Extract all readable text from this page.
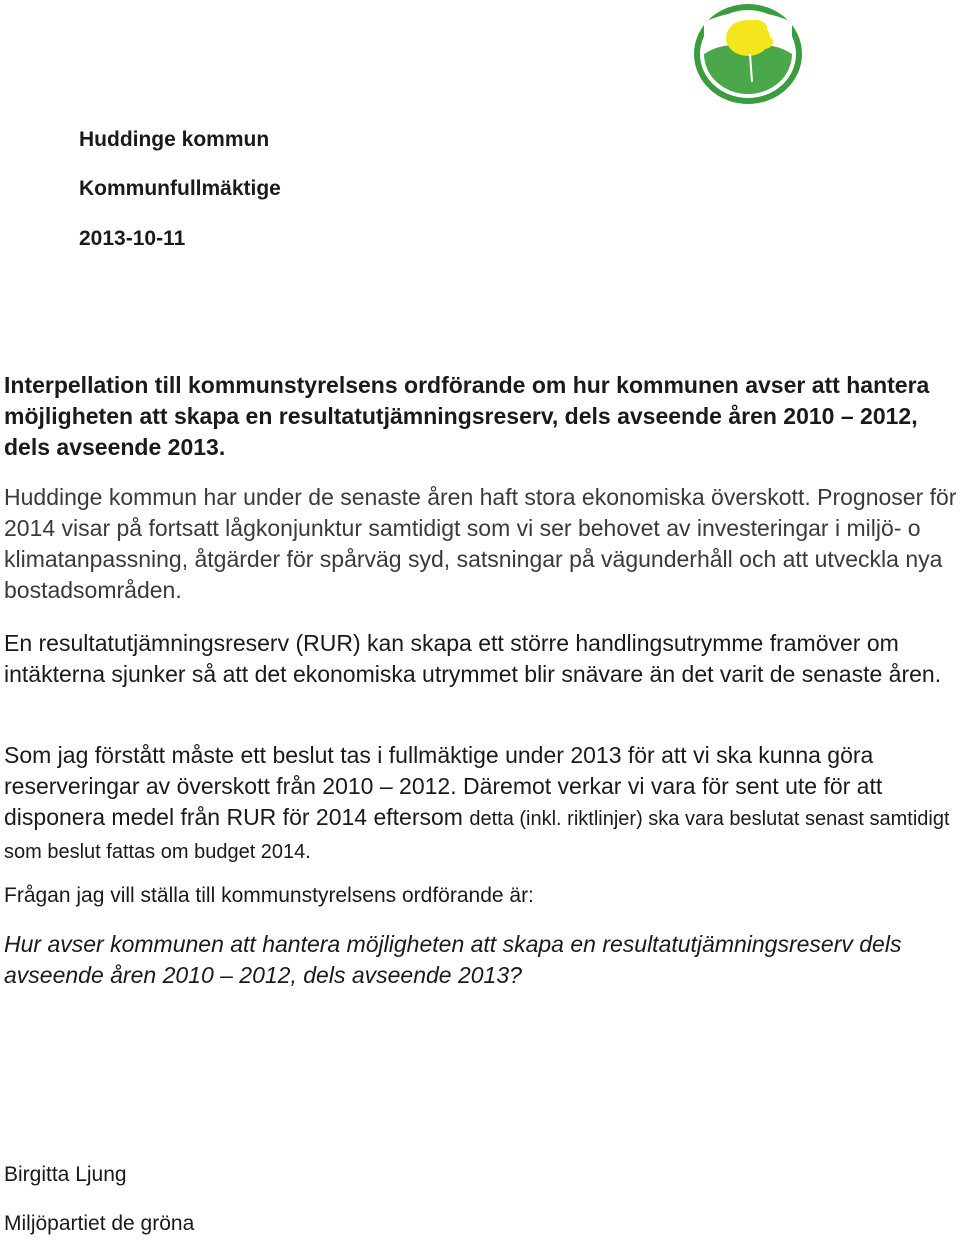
Huddinge kommun

Kommunfullmäktige

2013-10-11

Interpellation till kommunstyrelsens ordförande om hur kommunen avser att hantera möjligheten att skapa en resultatutjämningsreserv, dels avseende åren 2010 – 2012, dels avseende 2013.

Huddinge kommun har under de senaste åren haft stora ekonomiska överskott. Prognoser för 2014 visar på fortsatt lågkonjunktur samtidigt som vi ser behovet av investeringar i miljö- o klimatanpassning, åtgärder för spårväg syd, satsningar på vägunderhåll och att utveckla nya bostadsområden.

En resultatutjämningsreserv (RUR) kan skapa ett större handlingsutrymme framöver om intäkterna sjunker så att det ekonomiska utrymmet blir snävare än det varit de senaste åren.

Som jag förstått måste ett beslut tas i fullmäktige under 2013 för att vi ska kunna göra reserveringar av överskott från 2010 – 2012. Däremot verkar vi vara för sent ute för att disponera medel från RUR för 2014 eftersom detta (inkl. riktlinjer) ska vara beslutat senast samtidigt som beslut fattas om budget 2014.

Frågan jag vill ställa till kommunstyrelsens ordförande är:

Hur avser kommunen att hantera möjligheten att skapa en resultatutjämningsreserv dels avseende åren 2010 – 2012, dels avseende 2013?

Birgitta Ljung

Miljöpartiet de gröna
